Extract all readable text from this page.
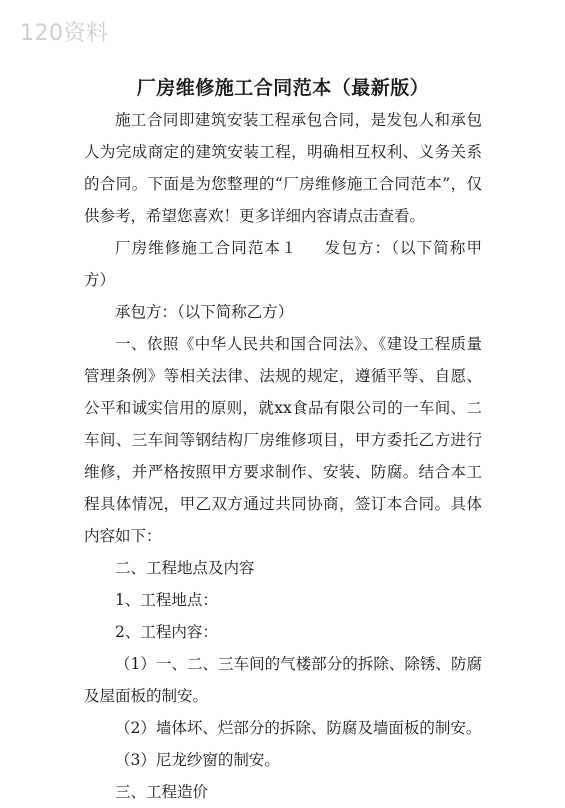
120资料
厂房维修施工合同范本（最新版）

施工合同即建筑安装工程承包合同，是发包人和承包人为完成商定的建筑安装工程，明确相互权利、义务关系的合同。下面是为您整理的“厂房维修施工合同范本”，仅供参考，希望您喜欢！更多详细内容请点击查看。

厂房维修施工合同范本１ 发包方：（以下简称甲方）

承包方：（以下简称乙方）

一、依照《中华人民共和国合同法》、《建设工程质量管理条例》等相关法律、法规的规定，遵循平等、自愿、公平和诚实信用的原则，就xx食品有限公司的一车间、二车间、三车间等钢结构厂房维修项目，甲方委托乙方进行维修，并严格按照甲方要求制作、安装、防腐。结合本工程具体情况，甲乙双方通过共同协商，签订本合同。具体内容如下：

二、工程地点及内容

1、工程地点：

2、工程内容：

（1）一、二、三车间的气楼部分的拆除、除锈、防腐及屋面板的制安。

（2）墙体坏、烂部分的拆除、防腐及墙面板的制安。

（3）尼龙纱窗的制安。

三、工程造价
